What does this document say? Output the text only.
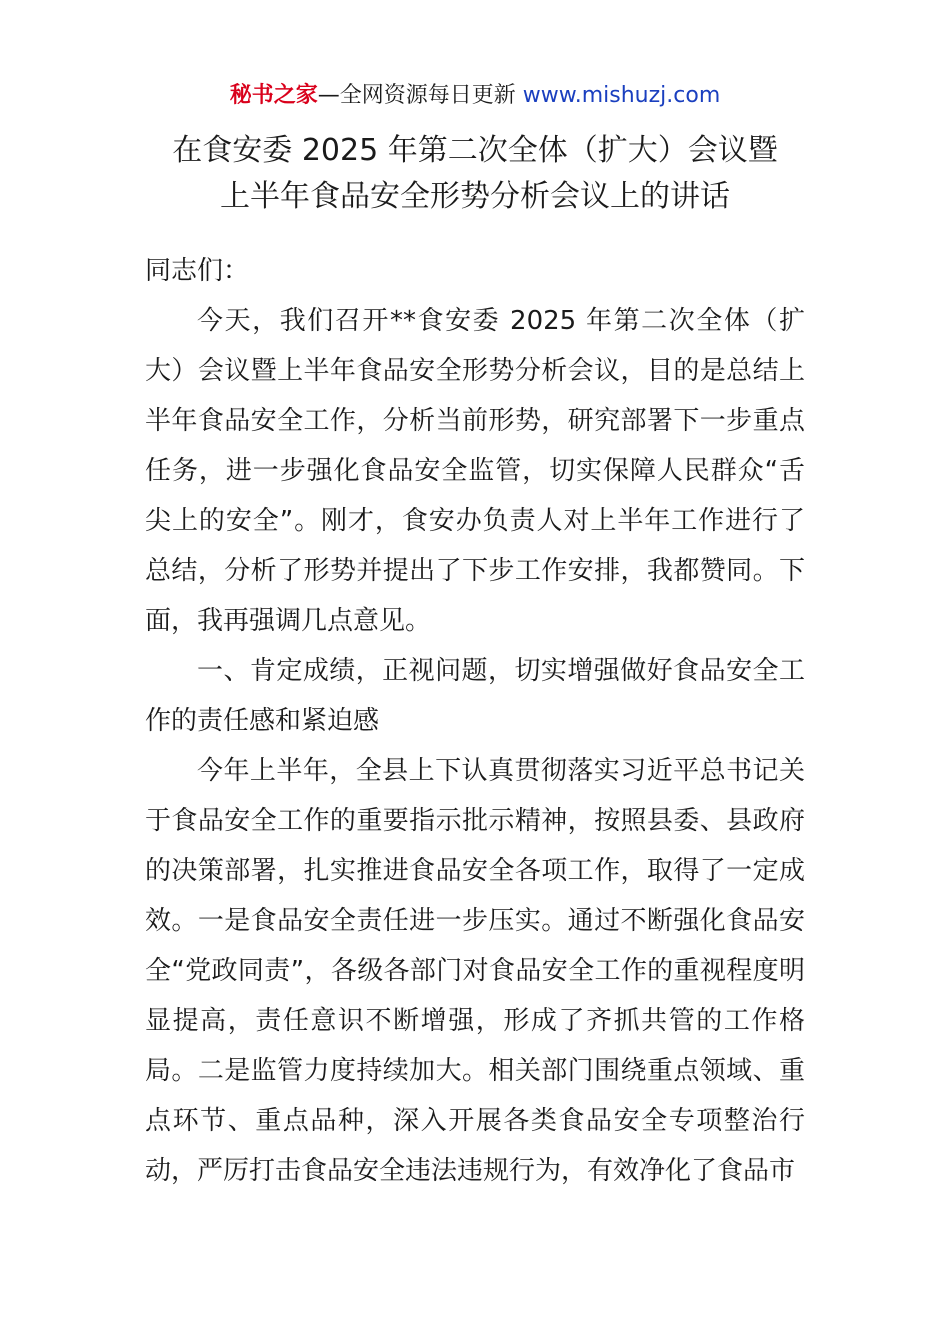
秘书之家—全网资源每日更新 www.mishuzj.com
在食安委 2025 年第二次全体（扩大）会议暨
上半年食品安全形势分析会议上的讲话

同志们：

今天，我们召开**食安委 2025 年第二次全体（扩大）会议暨上半年食品安全形势分析会议，目的是总结上半年食品安全工作，分析当前形势，研究部署下一步重点任务，进一步强化食品安全监管，切实保障人民群众“舌尖上的安全”。刚才，食安办负责人对上半年工作进行了总结，分析了形势并提出了下步工作安排，我都赞同。下面，我再强调几点意见。

一、肯定成绩，正视问题，切实增强做好食品安全工作的责任感和紧迫感

今年上半年，全县上下认真贯彻落实习近平总书记关于食品安全工作的重要指示批示精神，按照县委、县政府的决策部署，扎实推进食品安全各项工作，取得了一定成效。一是食品安全责任进一步压实。通过不断强化食品安全“党政同责”，各级各部门对食品安全工作的重视程度明显提高，责任意识不断增强，形成了齐抓共管的工作格局。二是监管力度持续加大。相关部门围绕重点领域、重点环节、重点品种，深入开展各类食品安全专项整治行动，严厉打击食品安全违法违规行为，有效净化了食品市
